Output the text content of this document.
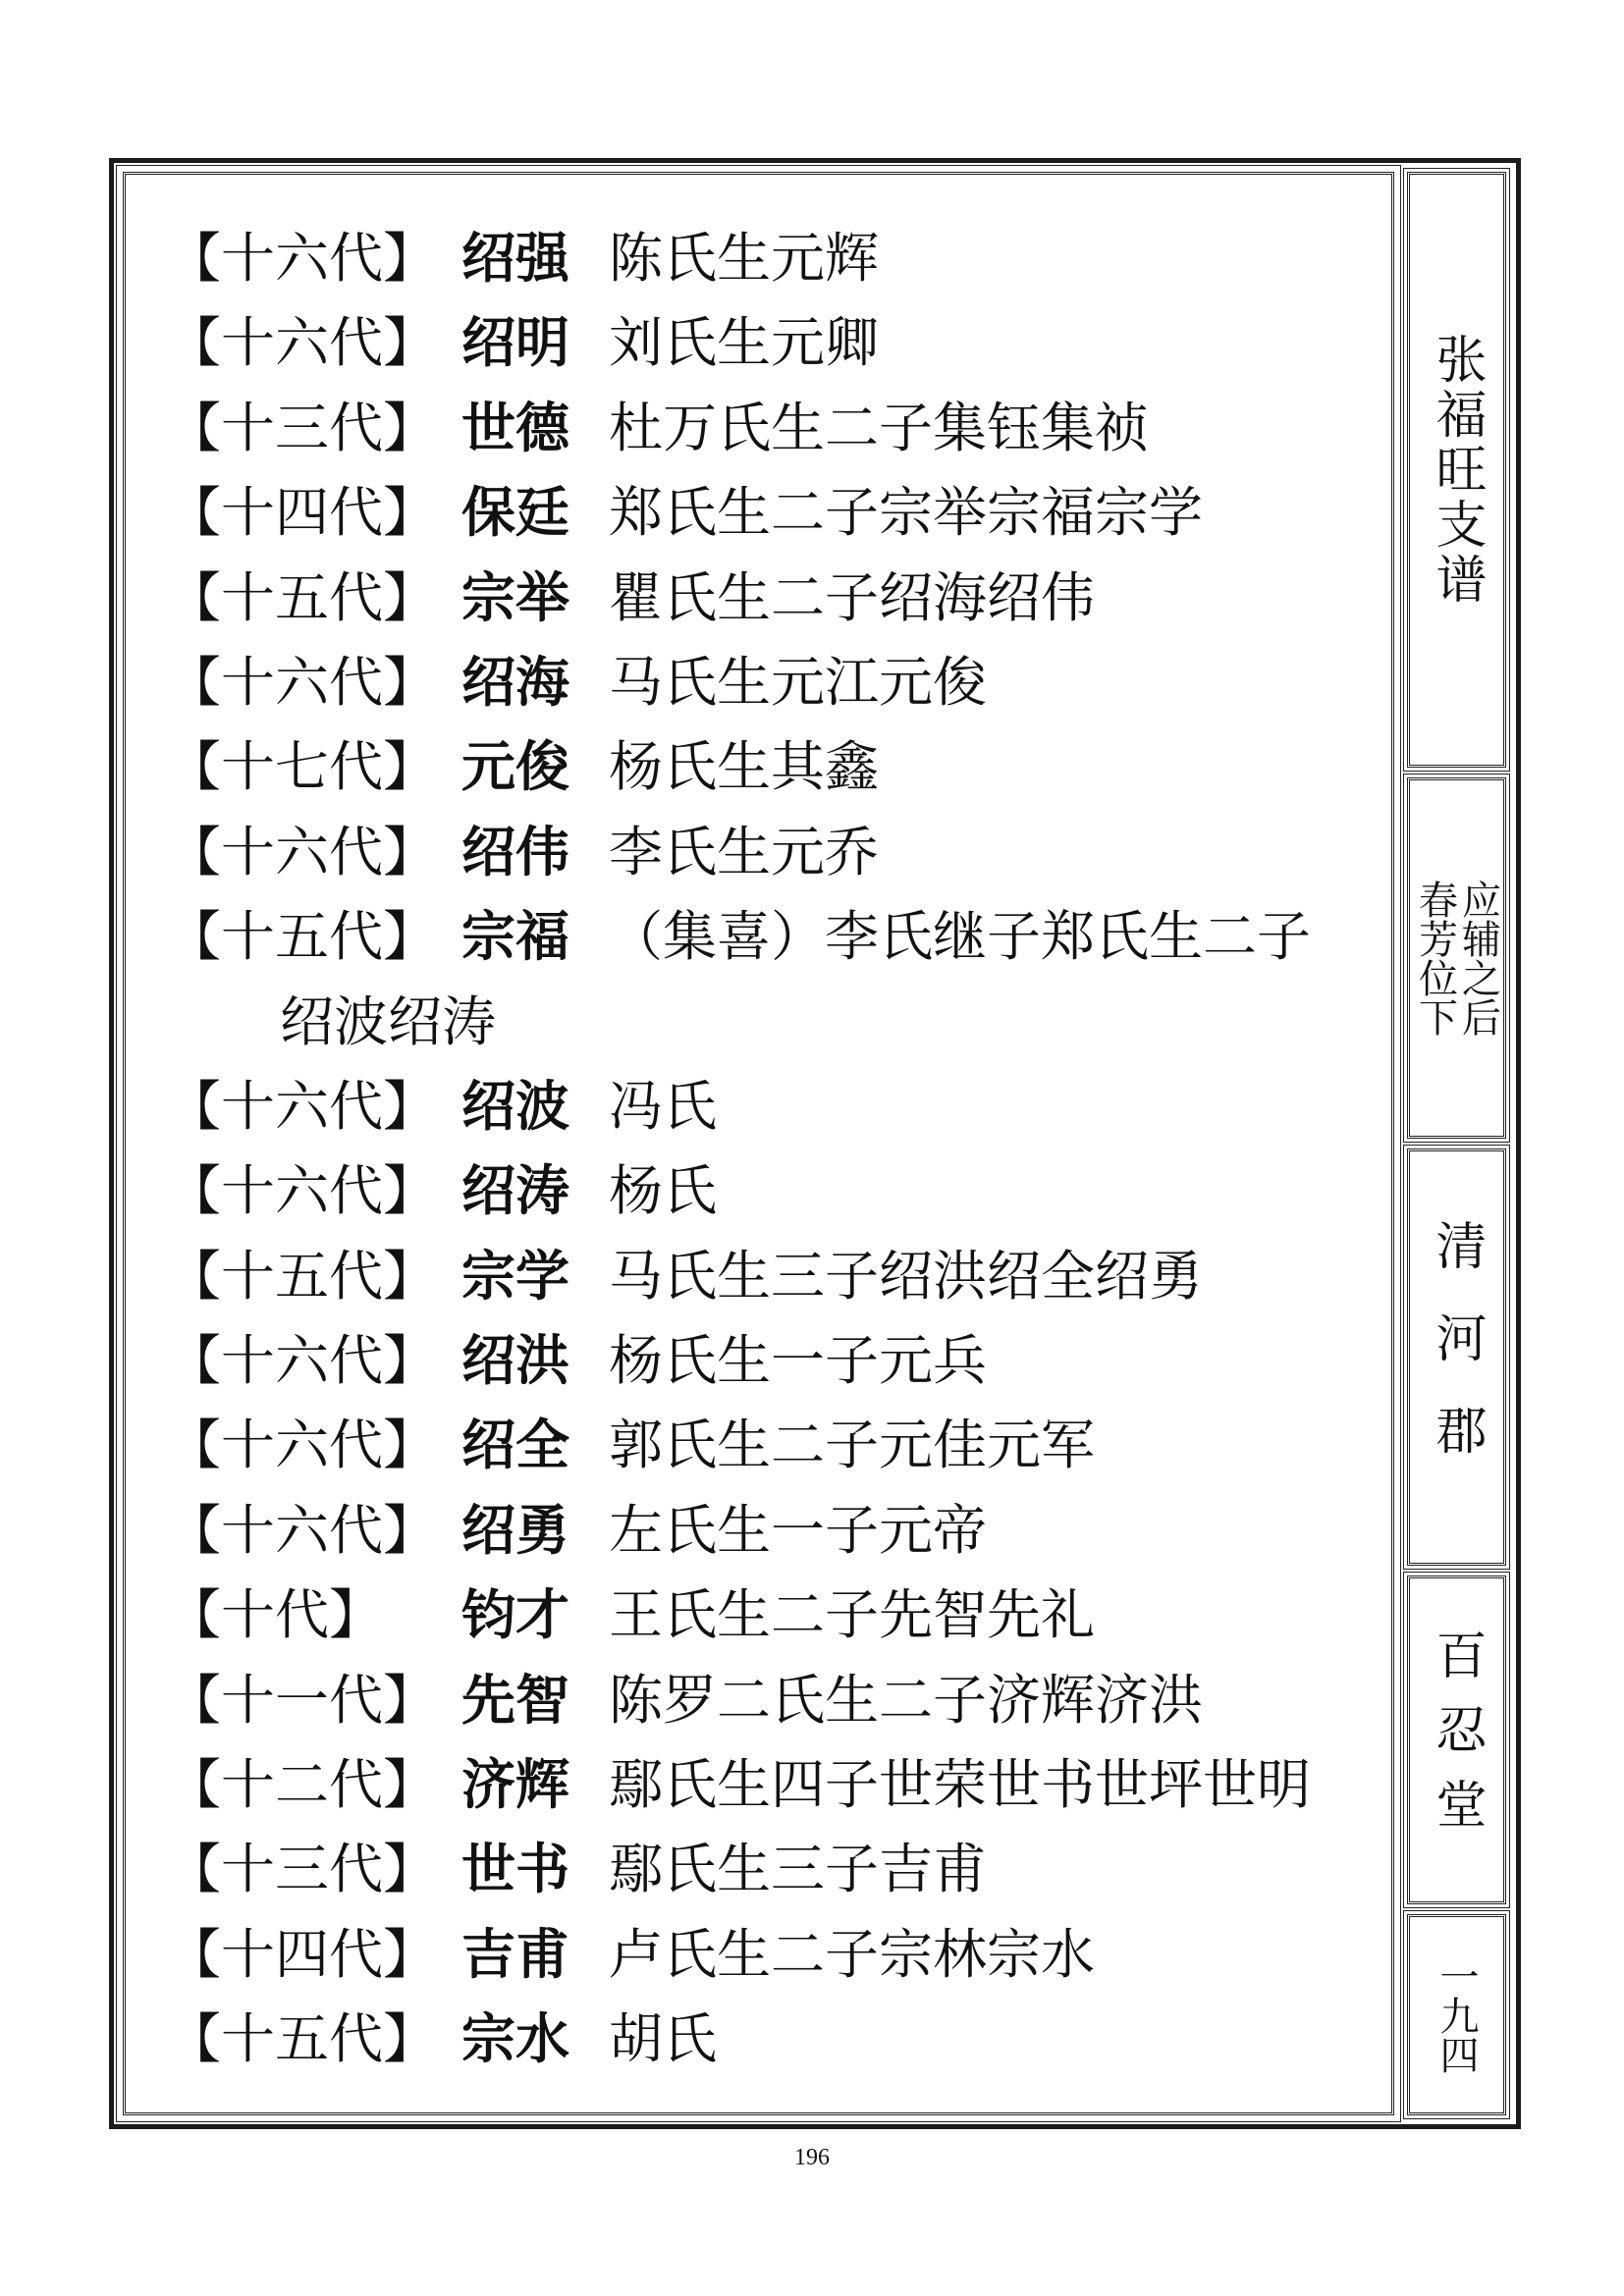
【十六代】 绍强 陈氏生元辉
【十六代】 绍明 刘氏生元卿
【十三代】 世德 杜万氏生二子集钰集祯
【十四代】 保廷 郑氏生二子宗举宗福宗学
【十五代】 宗举 瞿氏生二子绍海绍伟
【十六代】 绍海 马氏生元江元俊
【十七代】 元俊 杨氏生其鑫
【十六代】 绍伟 李氏生元乔
【十五代】 宗福 （集喜）李氏继子郑氏生二子
绍波绍涛
【十六代】 绍波 冯氏
【十六代】 绍涛 杨氏
【十五代】 宗学 马氏生三子绍洪绍全绍勇
【十六代】 绍洪 杨氏生一子元兵
【十六代】 绍全 郭氏生二子元佳元军
【十六代】 绍勇 左氏生一子元帝
【十代】 钧才 王氏生二子先智先礼
【十一代】 先智 陈罗二氏生二子济辉济洪
【十二代】 济辉 鄢氏生四子世荣世书世坪世明
【十三代】 世书 鄢氏生三子吉甫
【十四代】 吉甫 卢氏生二子宗林宗水
【十五代】 宗水 胡氏
张福旺支谱
春芳位下
应辅之后
清河郡
百忍堂
一九四
196
